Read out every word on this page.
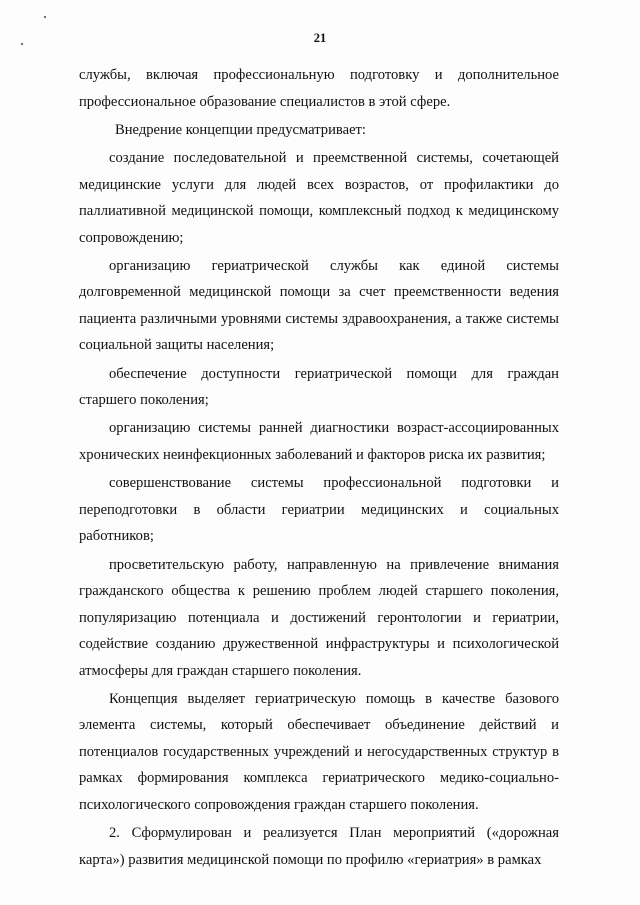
21

службы, включая профессиональную подготовку и дополнительное профессиональное образование специалистов в этой сфере.

Внедрение концепции предусматривает:

создание последовательной и преемственной системы, сочетающей медицинские услуги для людей всех возрастов, от профилактики до паллиативной медицинской помощи, комплексный подход к медицинскому сопровождению;

организацию гериатрической службы как единой системы долговременной медицинской помощи за счет преемственности ведения пациента различными уровнями системы здравоохранения, а также системы социальной защиты населения;

обеспечение доступности гериатрической помощи для граждан старшего поколения;

организацию системы ранней диагностики возраст-ассоциированных хронических неинфекционных заболеваний и факторов риска их развития;

совершенствование системы профессиональной подготовки и переподготовки в области гериатрии медицинских и социальных работников;

просветительскую работу, направленную на привлечение внимания гражданского общества к решению проблем людей старшего поколения, популяризацию потенциала и достижений геронтологии и гериатрии, содействие созданию дружественной инфраструктуры и психологической атмосферы для граждан старшего поколения.

Концепция выделяет гериатрическую помощь в качестве базового элемента системы, который обеспечивает объединение действий и потенциалов государственных учреждений и негосударственных структур в рамках формирования комплекса гериатрического медико-социально-психологического сопровождения граждан старшего поколения.

2. Сформулирован и реализуется План мероприятий («дорожная карта») развития медицинской помощи по профилю «гериатрия» в рамках
